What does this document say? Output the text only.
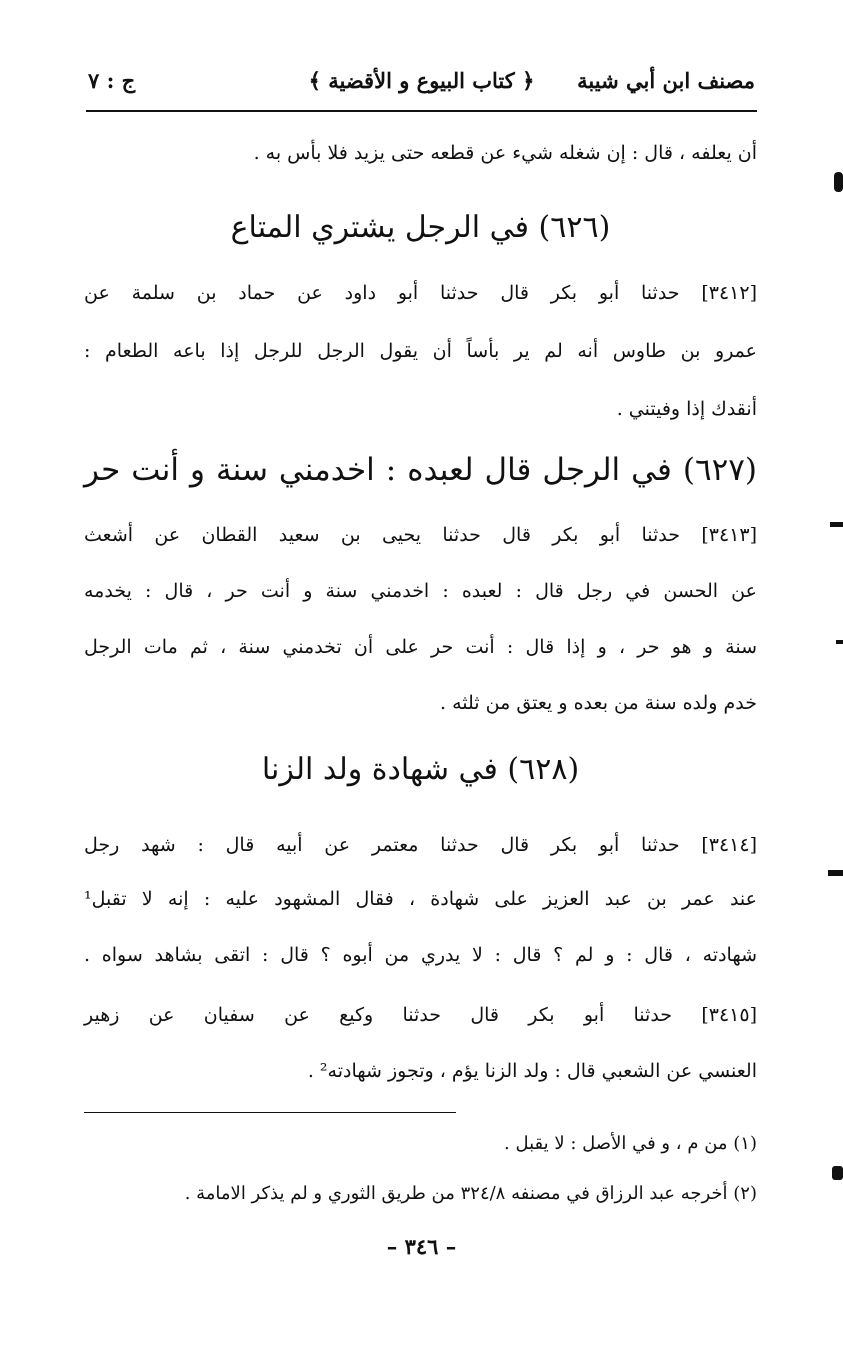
مصنف ابن أبي شيبة
﴿ كتاب البيوع و الأقضية ﴾
ج : ٧
أن يعلفه ، قال : إن شغله شيء عن قطعه حتى يزيد فلا بأس به .
(٦٢٦) في الرجل يشتري المتاع
[٣٤١٢] حدثنا أبو بكر قال حدثنا أبو داود عن حماد بن سلمة عن
عمرو بن طاوس أنه لم ير بأساً أن يقول الرجل للرجل إذا باعه الطعام :
أنقدك إذا وفيتني .
(٦٢٧) في الرجل قال لعبده : اخدمني سنة و أنت حر
[٣٤١٣] حدثنا أبو بكر قال حدثنا يحيى بن سعيد القطان عن أشعث
عن الحسن في رجل قال : لعبده : اخدمني سنة و أنت حر ، قال : يخدمه
سنة و هو حر ، و إذا قال : أنت حر على أن تخدمني سنة ، ثم مات الرجل
خدم ولده سنة من بعده و يعتق من ثلثه .
(٦٢٨) في شهادة ولد الزنا
[٣٤١٤] حدثنا أبو بكر قال حدثنا معتمر عن أبيه قال : شهد رجل
عند عمر بن عبد العزيز على شهادة ، فقال المشهود عليه : إنه لا تقبل¹
شهادته ، قال : و لم ؟ قال : لا يدري من أبوه ؟ قال : اتقى بشاهد سواه .
[٣٤١٥] حدثنا أبو بكر قال حدثنا وكيع عن سفيان عن زهير
العنسي عن الشعبي قال : ولد الزنا يؤم ، وتجوز شهادته² .
(١) من م ، و في الأصل : لا يقبل .
(٢) أخرجه عبد الرزاق في مصنفه ٣٢٤/٨ من طريق الثوري و لم يذكر الامامة .
– ٣٤٦ –
